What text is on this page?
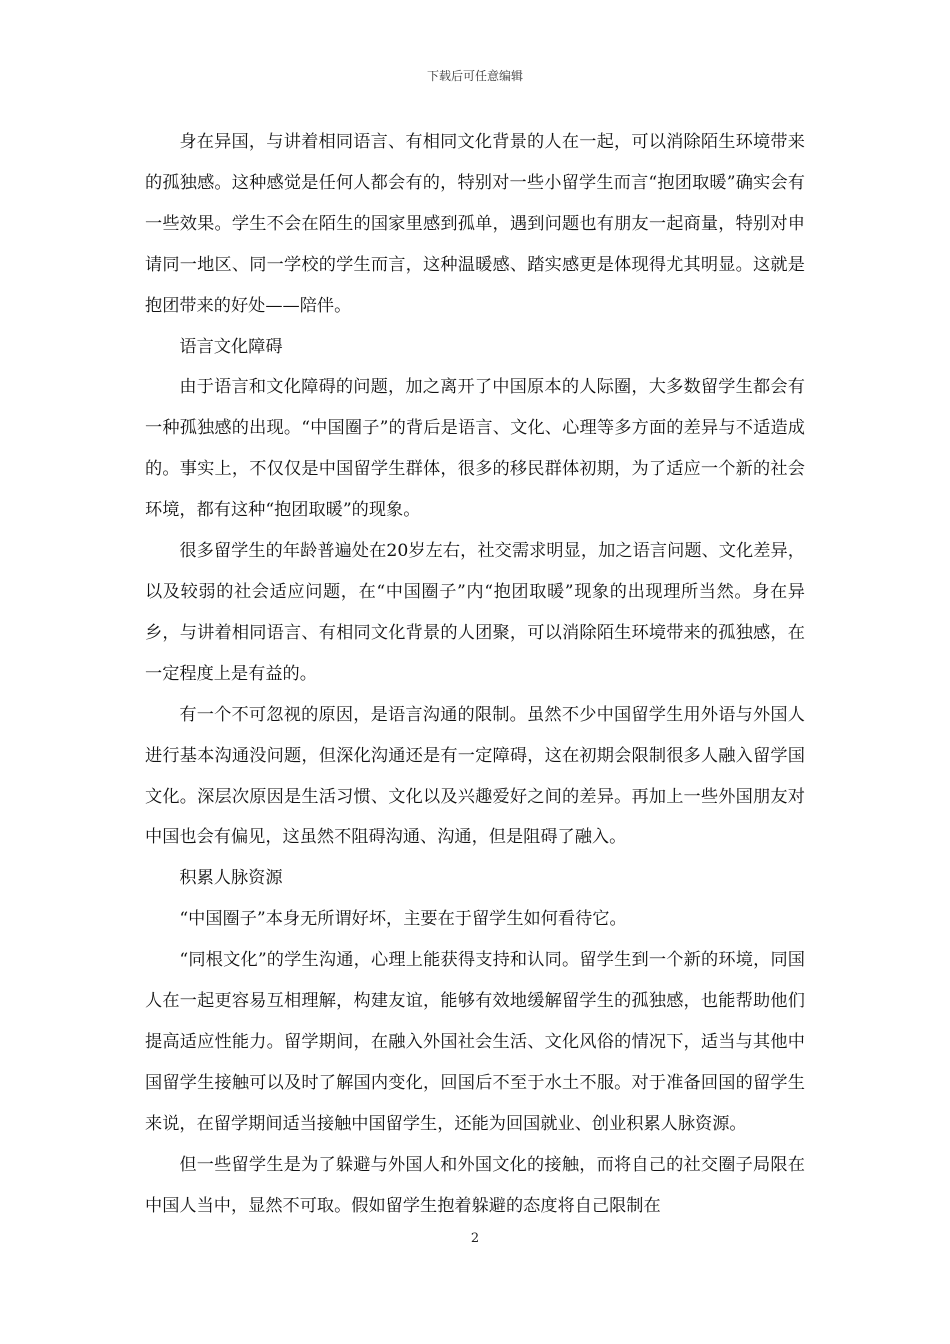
下载后可任意编辑

身在异国，与讲着相同语言、有相同文化背景的人在一起，可以消除陌生环境带来的孤独感。这种感觉是任何人都会有的，特别对一些小留学生而言“抱团取暖”确实会有一些效果。学生不会在陌生的国家里感到孤单，遇到问题也有朋友一起商量，特别对申请同一地区、同一学校的学生而言，这种温暖感、踏实感更是体现得尤其明显。这就是抱团带来的好处——陪伴。

语言文化障碍

由于语言和文化障碍的问题，加之离开了中国原本的人际圈，大多数留学生都会有一种孤独感的出现。“中国圈子”的背后是语言、文化、心理等多方面的差异与不适造成的。事实上，不仅仅是中国留学生群体，很多的移民群体初期，为了适应一个新的社会环境，都有这种“抱团取暖”的现象。

很多留学生的年龄普遍处在20岁左右，社交需求明显，加之语言问题、文化差异，以及较弱的社会适应问题，在“中国圈子”内“抱团取暖”现象的出现理所当然。身在异乡，与讲着相同语言、有相同文化背景的人团聚，可以消除陌生环境带来的孤独感，在一定程度上是有益的。

有一个不可忽视的原因，是语言沟通的限制。虽然不少中国留学生用外语与外国人进行基本沟通没问题，但深化沟通还是有一定障碍，这在初期会限制很多人融入留学国文化。深层次原因是生活习惯、文化以及兴趣爱好之间的差异。再加上一些外国朋友对中国也会有偏见，这虽然不阻碍沟通、沟通，但是阻碍了融入。

积累人脉资源

“中国圈子”本身无所谓好坏，主要在于留学生如何看待它。

“同根文化”的学生沟通，心理上能获得支持和认同。留学生到一个新的环境，同国人在一起更容易互相理解，构建友谊，能够有效地缓解留学生的孤独感，也能帮助他们提高适应性能力。留学期间，在融入外国社会生活、文化风俗的情况下，适当与其他中国留学生接触可以及时了解国内变化，回国后不至于水土不服。对于准备回国的留学生来说，在留学期间适当接触中国留学生，还能为回国就业、创业积累人脉资源。

但一些留学生是为了躲避与外国人和外国文化的接触，而将自己的社交圈子局限在中国人当中，显然不可取。假如留学生抱着躲避的态度将自己限制在

2
